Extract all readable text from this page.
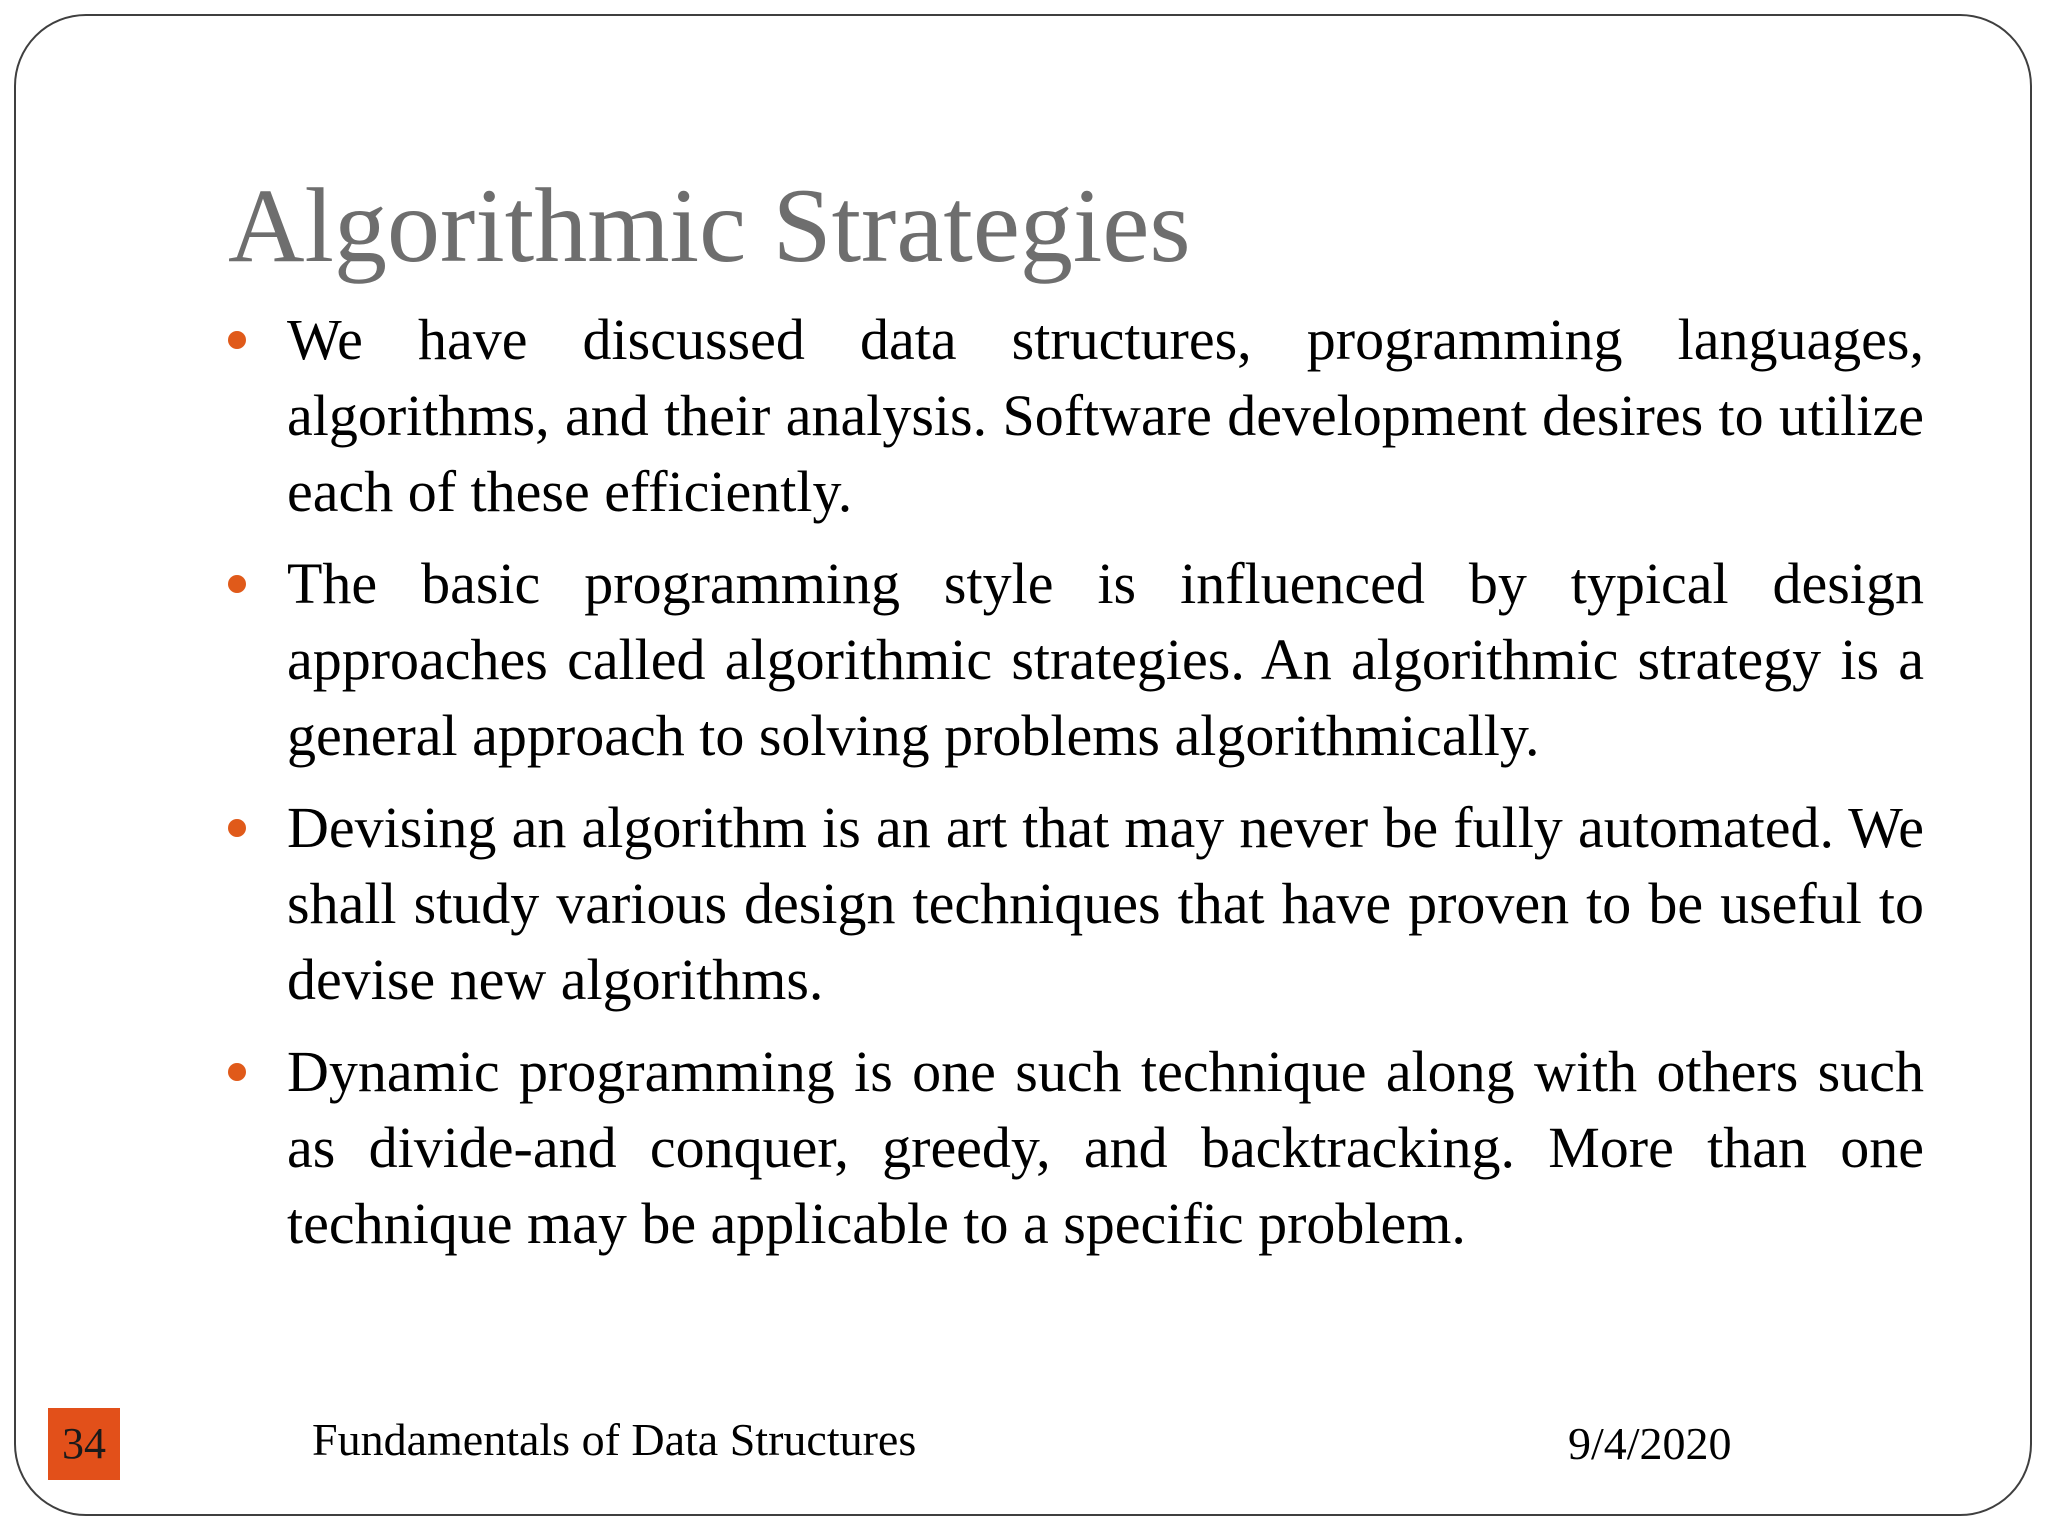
Algorithmic Strategies
We have discussed data structures, programming languages, algorithms, and their analysis. Software development desires to utilize each of these efficiently.
The basic programming style is influenced by typical design approaches called algorithmic strategies. An algorithmic strategy is a general approach to solving problems algorithmically.
Devising an algorithm is an art that may never be fully automated. We shall study various design techniques that have proven to be useful to devise new algorithms.
Dynamic programming is one such technique along with others such as divide-and conquer, greedy, and backtracking. More than one technique may be applicable to a specific problem.
34	Fundamentals of Data Structures	9/4/2020
